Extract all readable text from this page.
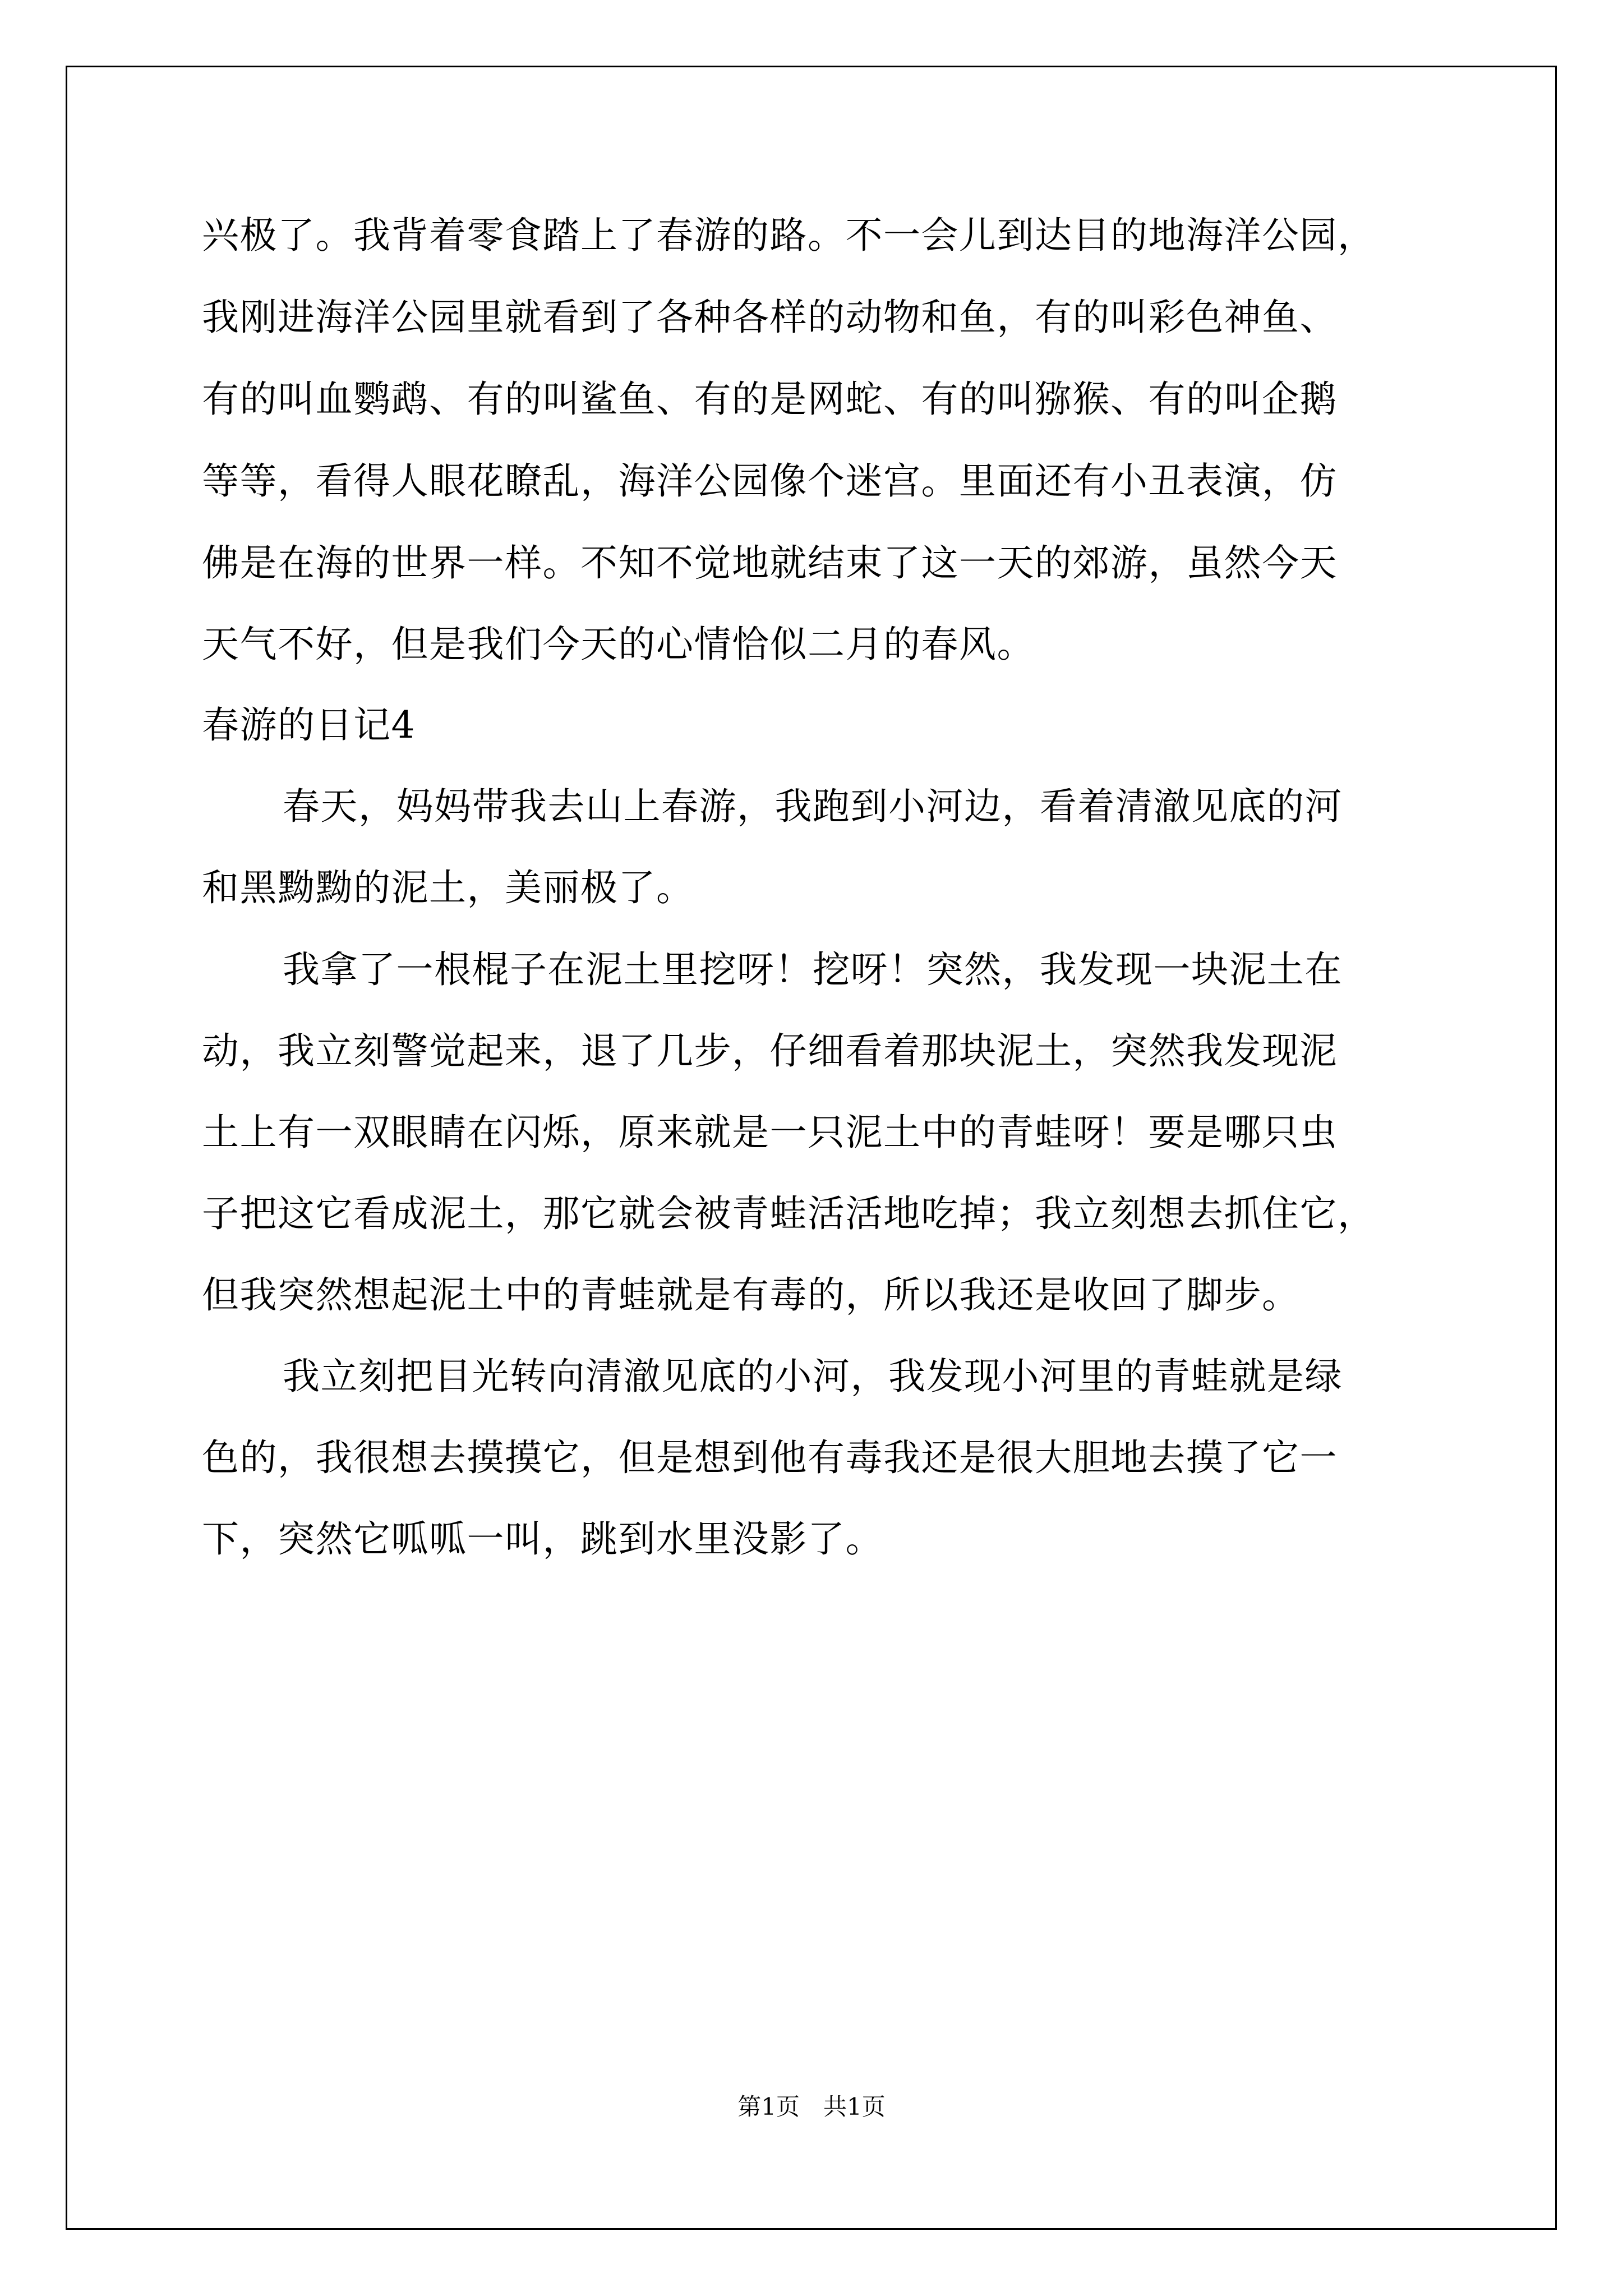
兴极了。我背着零食踏上了春游的路。不一会儿到达目的地海洋公园，
我刚进海洋公园里就看到了各种各样的动物和鱼，有的叫彩色神鱼、
有的叫血鹦鹉、有的叫鲨鱼、有的是网蛇、有的叫猕猴、有的叫企鹅
等等，看得人眼花瞭乱，海洋公园像个迷宫。里面还有小丑表演，仿
佛是在海的世界一样。不知不觉地就结束了这一天的郊游，虽然今天
天气不好，但是我们今天的心情恰似二月的春风。
春游的日记4
春天，妈妈带我去山上春游，我跑到小河边，看着清澈见底的河
和黑黝黝的泥土，美丽极了。
我拿了一根棍子在泥土里挖呀！挖呀！突然，我发现一块泥土在
动，我立刻警觉起来，退了几步，仔细看着那块泥土，突然我发现泥
土上有一双眼睛在闪烁，原来就是一只泥土中的青蛙呀！要是哪只虫
子把这它看成泥土，那它就会被青蛙活活地吃掉；我立刻想去抓住它，
但我突然想起泥土中的青蛙就是有毒的，所以我还是收回了脚步。
我立刻把目光转向清澈见底的小河，我发现小河里的青蛙就是绿
色的，我很想去摸摸它，但是想到他有毒我还是很大胆地去摸了它一
下，突然它呱呱一叫，跳到水里没影了。
第1页　共1页
